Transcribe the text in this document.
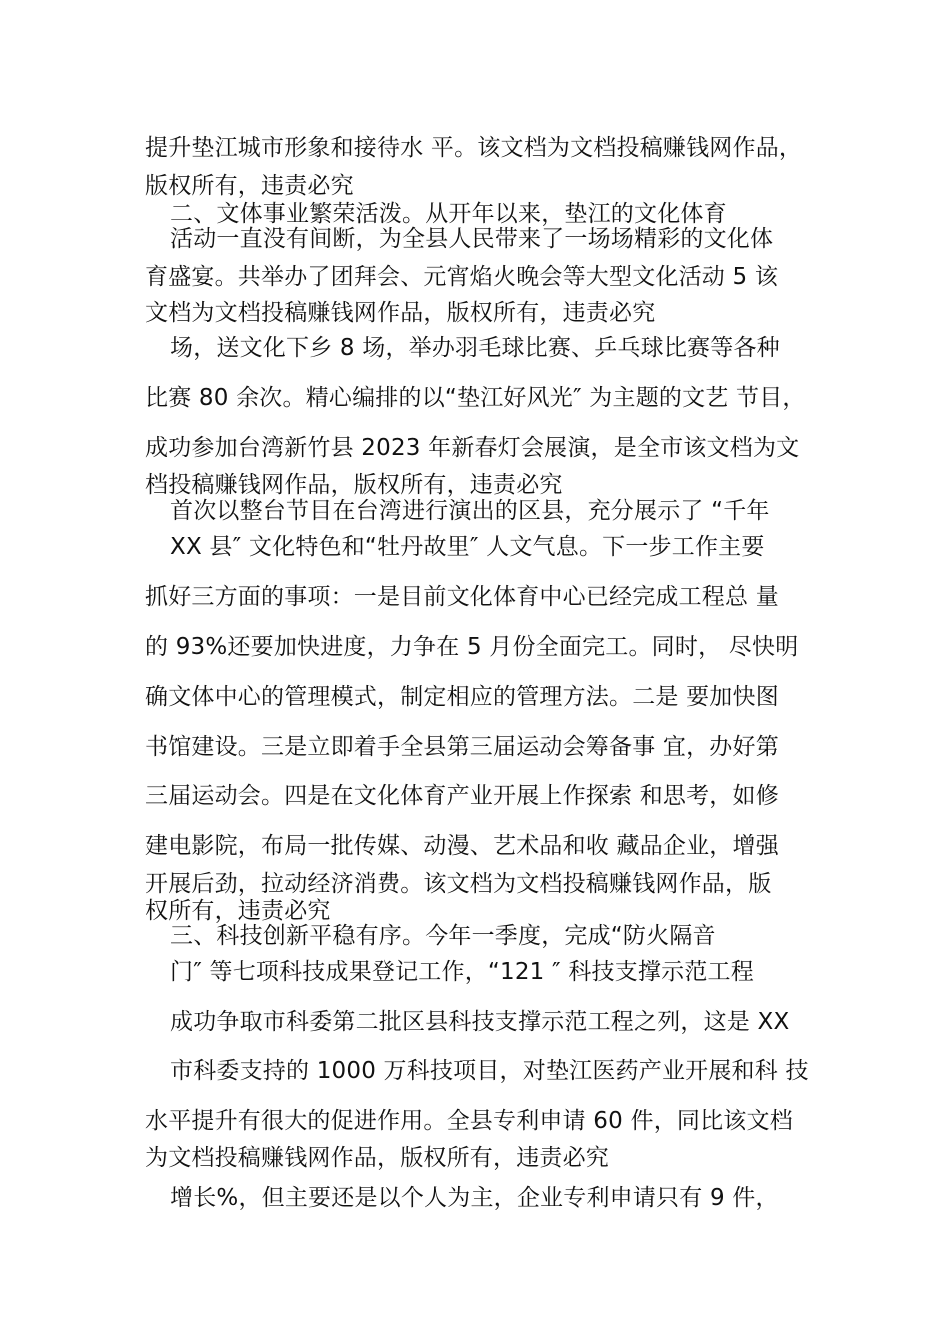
提升垫江城市形象和接待水 平。该文档为文档投稿赚钱网作品，
版权所有，违责必究
二、文体事业繁荣活泼。从开年以来，垫江的文化体育
活动一直没有间断，为全县人民带来了一场场精彩的文化体
育盛宴。共举办了团拜会、元宵焰火晚会等大型文化活动 5 该
文档为文档投稿赚钱网作品，版权所有，违责必究
场，送文化下乡 8 场，举办羽毛球比赛、乒乓球比赛等各种
比赛 80 余次。精心编排的以“垫江好风光″ 为主题的文艺 节目，
成功参加台湾新竹县 2023 年新春灯会展演，是全市该文档为文
档投稿赚钱网作品，版权所有，违责必究
首次以整台节目在台湾进行演出的区县，充分展示了 “千年
XX 县″ 文化特色和“牡丹故里″ 人文气息。下一步工作主要
抓好三方面的事项：一是目前文化体育中心已经完成工程总 量
的 93%还要加快进度，力争在 5 月份全面完工。同时， 尽快明
确文体中心的管理模式，制定相应的管理方法。二是 要加快图
书馆建设。三是立即着手全县第三届运动会筹备事 宜，办好第
三届运动会。四是在文化体育产业开展上作探索 和思考，如修
建电影院，布局一批传媒、动漫、艺术品和收 藏品企业，增强
开展后劲，拉动经济消费。该文档为文档投稿赚钱网作品，版
权所有，违责必究
三、科技创新平稳有序。今年一季度，完成“防火隔音
门″ 等七项科技成果登记工作，“121 ″ 科技支撑示范工程
成功争取市科委第二批区县科技支撑示范工程之列，这是 XX
市科委支持的 1000 万科技项目，对垫江医药产业开展和科 技
水平提升有很大的促进作用。全县专利申请 60 件，同比该文档
为文档投稿赚钱网作品，版权所有，违责必究
增长%，但主要还是以个人为主，企业专利申请只有 9 件，
